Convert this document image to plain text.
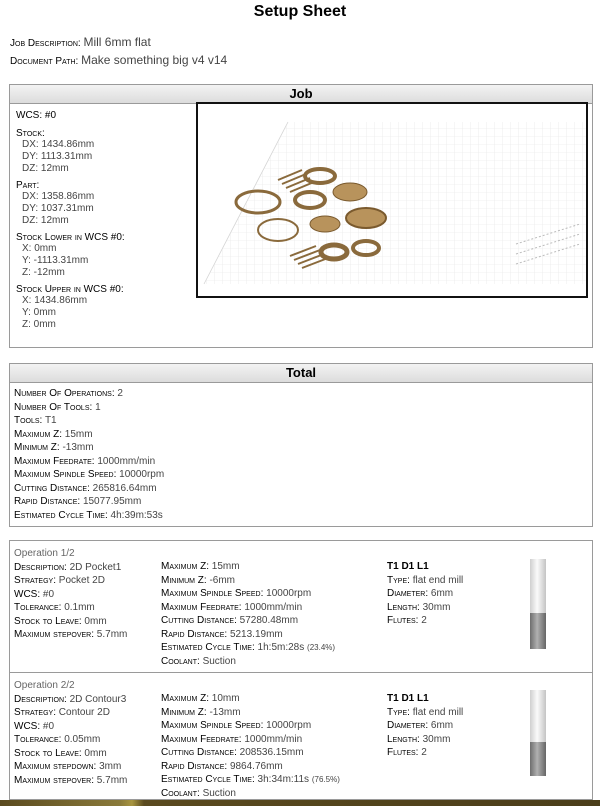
Setup Sheet
Job Description: Mill 6mm flat
Document Path: Make something big v4 v14
Job
WCS: #0
Stock:
DX: 1434.86mm
DY: 1113.31mm
DZ: 12mm
Part:
DX: 1358.86mm
DY: 1037.31mm
DZ: 12mm
Stock Lower in WCS #0:
X: 0mm
Y: -1113.31mm
Z: -12mm
Stock Upper in WCS #0:
X: 1434.86mm
Y: 0mm
Z: 0mm
Total
Number Of Operations: 2
Number Of Tools: 1
Tools: T1
Maximum Z: 15mm
Minimum Z: -13mm
Maximum Feedrate: 1000mm/min
Maximum Spindle Speed: 10000rpm
Cutting Distance: 265816.64mm
Rapid Distance: 15077.95mm
Estimated Cycle Time: 4h:39m:53s
Operation 1/2
Description: 2D Pocket1
Strategy: Pocket 2D
WCS: #0
Tolerance: 0.1mm
Stock to Leave: 0mm
Maximum stepover: 5.7mm
Maximum Z: 15mm
Minimum Z: -6mm
Maximum Spindle Speed: 10000rpm
Maximum Feedrate: 1000mm/min
Cutting Distance: 57280.48mm
Rapid Distance: 5213.19mm
Estimated Cycle Time: 1h:5m:28s (23.4%)
Coolant: Suction
T1 D1 L1
Type: flat end mill
Diameter: 6mm
Length: 30mm
Flutes: 2
Operation 2/2
Description: 2D Contour3
Strategy: Contour 2D
WCS: #0
Tolerance: 0.05mm
Stock to Leave: 0mm
Maximum stepdown: 3mm
Maximum stepover: 5.7mm
Maximum Z: 10mm
Minimum Z: -13mm
Maximum Spindle Speed: 10000rpm
Maximum Feedrate: 1000mm/min
Cutting Distance: 208536.15mm
Rapid Distance: 9864.76mm
Estimated Cycle Time: 3h:34m:11s (76.5%)
Coolant: Suction
T1 D1 L1
Type: flat end mill
Diameter: 6mm
Length: 30mm
Flutes: 2
